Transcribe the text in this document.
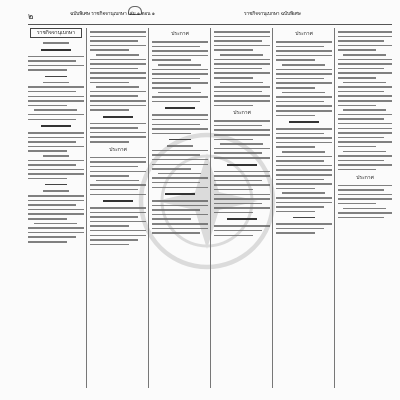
๒	ฉบับพิเศษ ราชกิจจานุเบกษา เล่ม ๑ ตอน ๑	ราชกิจจานุเบกษา ฉบับพิเศษ
ราชกิจจานุเบกษา
ประกาศ
ประกาศ
ประกาศ
ประกาศ
ประกาศ
